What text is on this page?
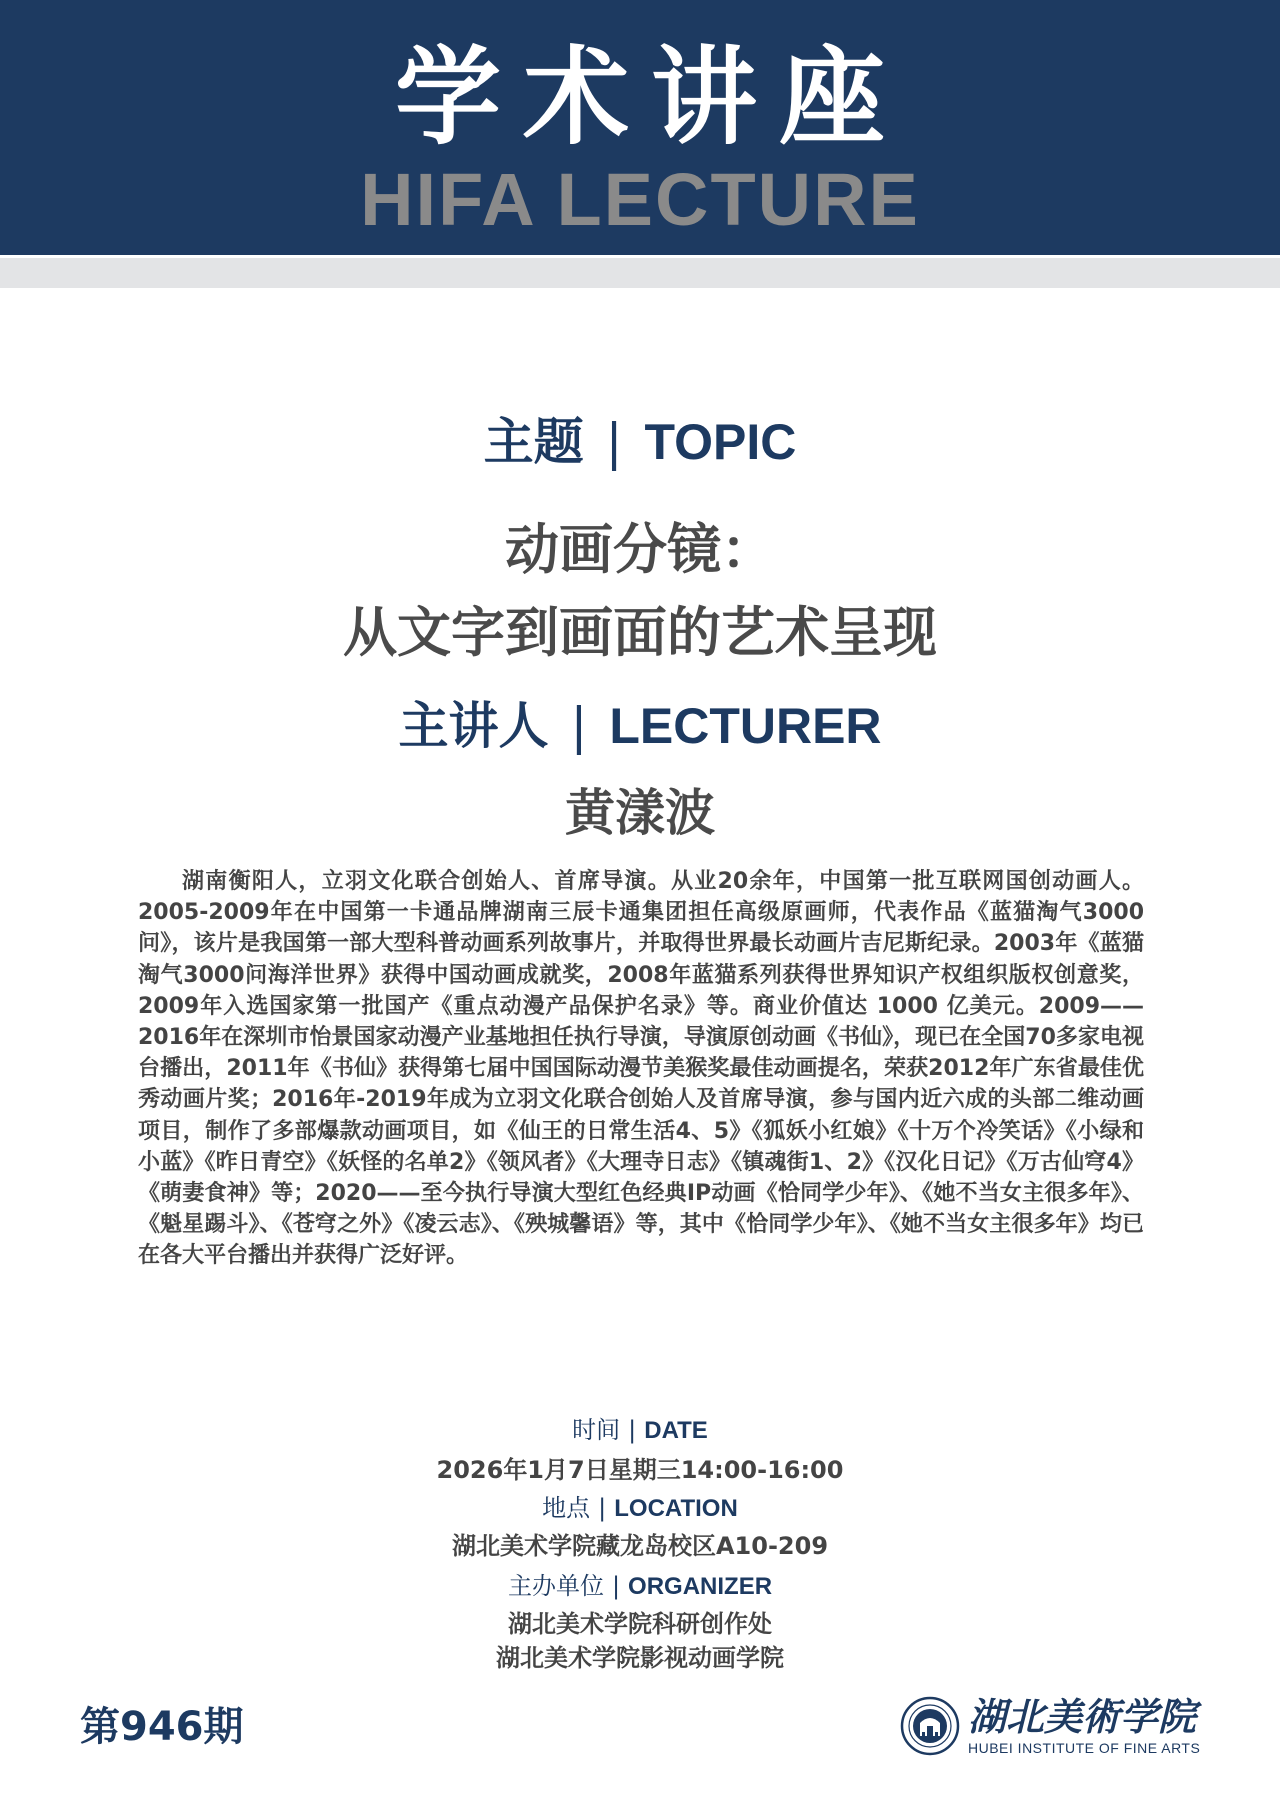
学术讲座
HIFA LECTURE
主题 | TOPIC
动画分镜：
从文字到画面的艺术呈现
主讲人 | LECTURER
黄漾波
湖南衡阳人，立羽文化联合创始人、首席导演。从业20余年，中国第一批互联网国创动画人。2005-2009年在中国第一卡通品牌湖南三辰卡通集团担任高级原画师，代表作品《蓝猫淘气3000问》，该片是我国第一部大型科普动画系列故事片，并取得世界最长动画片吉尼斯纪录。2003年《蓝猫淘气3000问海洋世界》获得中国动画成就奖，2008年蓝猫系列获得世界知识产权组织版权创意奖，2009年入选国家第一批国产《重点动漫产品保护名录》等。商业价值达 1000 亿美元。2009——2016年在深圳市怡景国家动漫产业基地担任执行导演，导演原创动画《书仙》，现已在全国70多家电视台播出，2011年《书仙》获得第七届中国国际动漫节美猴奖最佳动画提名，荣获2012年广东省最佳优秀动画片奖；2016年-2019年成为立羽文化联合创始人及首席导演，参与国内近六成的头部二维动画项目，制作了多部爆款动画项目，如《仙王的日常生活4、5》《狐妖小红娘》《十万个冷笑话》《小绿和小蓝》《昨日青空》《妖怪的名单2》《领风者》《大理寺日志》《镇魂街1、2》《汉化日记》《万古仙穹4》《萌妻食神》等；2020——至今执行导演大型红色经典IP动画《恰同学少年》、《她不当女主很多年》、《魁星踢斗》、《苍穹之外》《凌云志》、《殃城馨语》等，其中《恰同学少年》、《她不当女主很多年》均已在各大平台播出并获得广泛好评。
时间 | DATE
2026年1月7日星期三14:00-16:00
地点 | LOCATION
湖北美术学院藏龙岛校区A10-209
主办单位 | ORGANIZER
湖北美术学院科研创作处
湖北美术学院影视动画学院
第946期	湖北美術学院
HUBEI INSTITUTE OF FINE ARTS
